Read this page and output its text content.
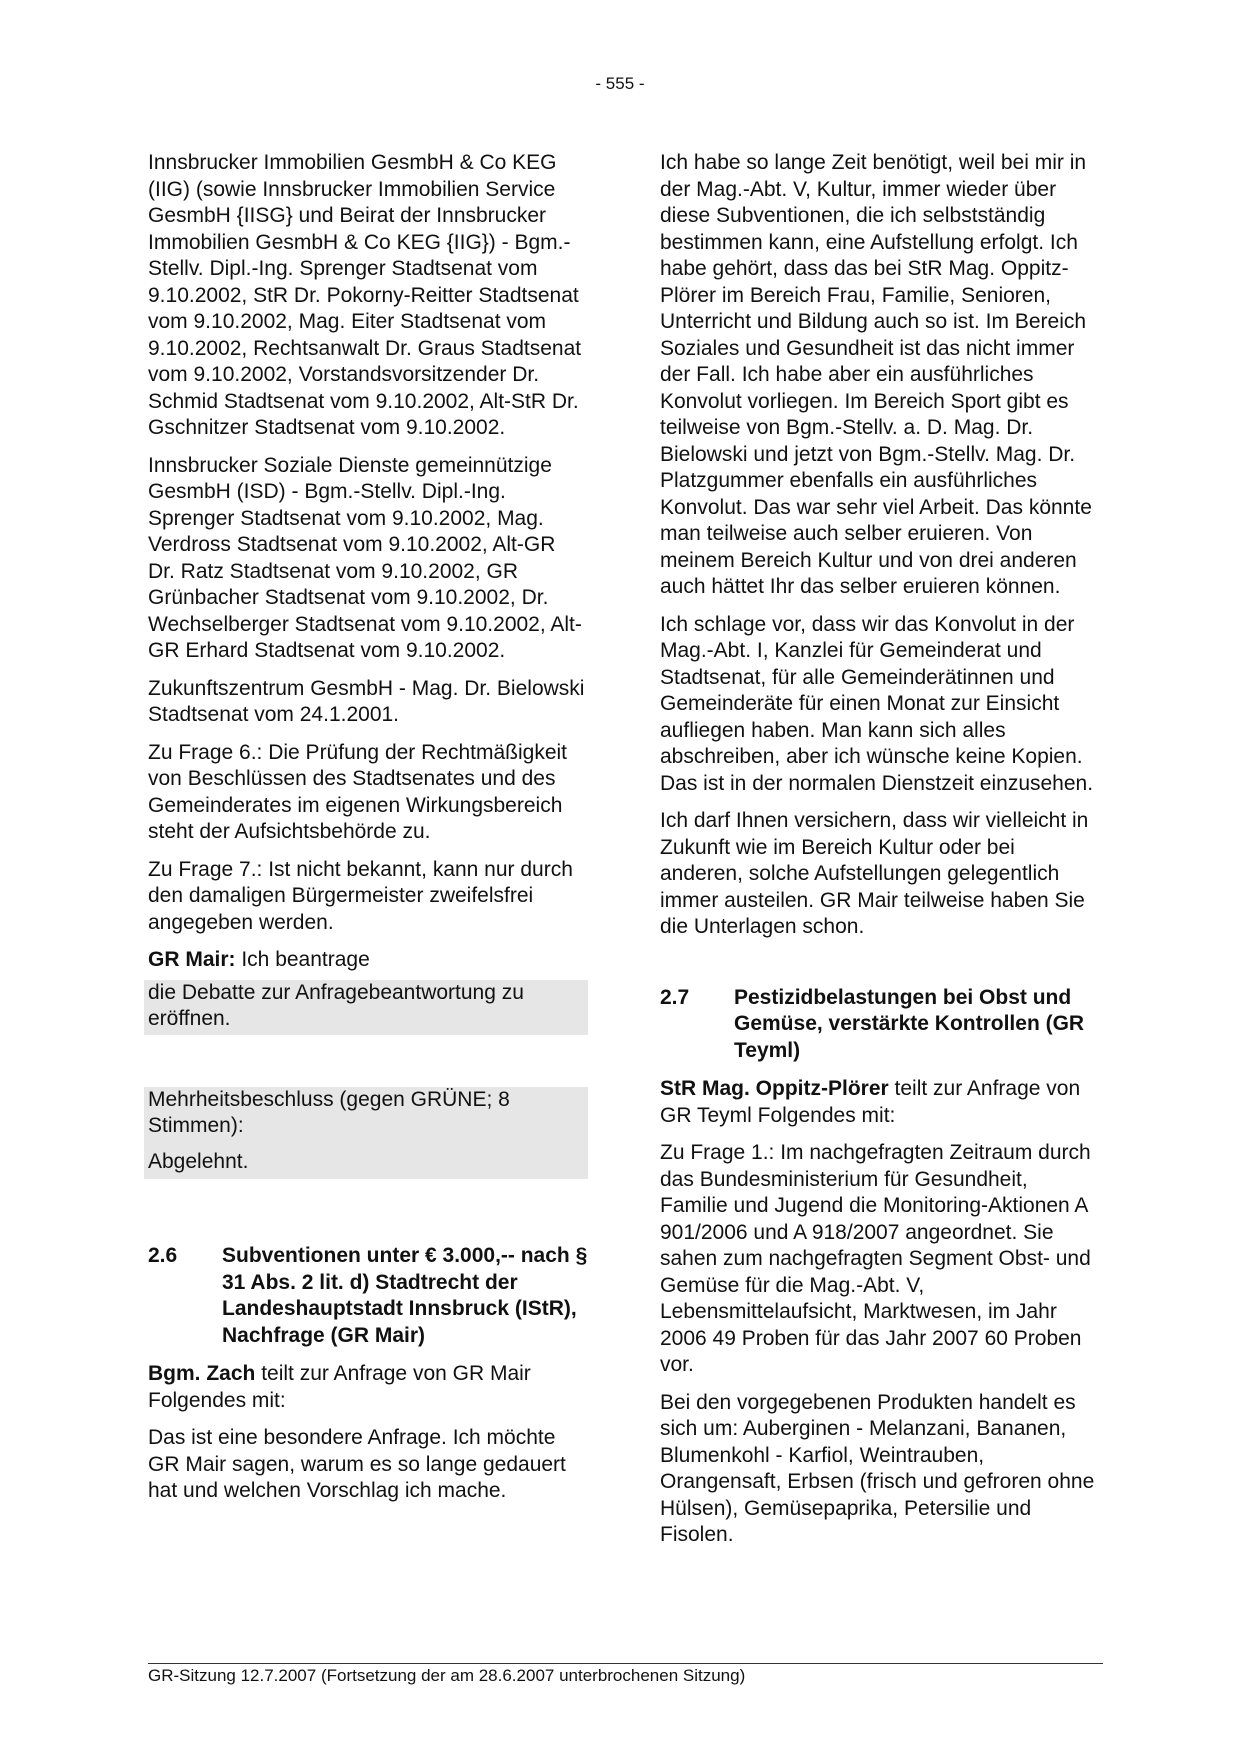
- 555 -

Innsbrucker Immobilien GesmbH & Co KEG (IIG) (sowie Innsbrucker Immobilien Service GesmbH {IISG} und Beirat der Innsbrucker Immobilien GesmbH & Co KEG {IIG}) - Bgm.-Stellv. Dipl.-Ing. Sprenger Stadtsenat vom 9.10.2002, StR Dr. Pokorny-Reitter Stadtsenat vom 9.10.2002, Mag. Eiter Stadtsenat vom 9.10.2002, Rechtsanwalt Dr. Graus Stadtsenat vom 9.10.2002, Vorstandsvorsitzender Dr. Schmid Stadtsenat vom 9.10.2002, Alt-StR Dr. Gschnitzer Stadtsenat vom 9.10.2002.

Innsbrucker Soziale Dienste gemeinnützige GesmbH (ISD) - Bgm.-Stellv. Dipl.-Ing. Sprenger Stadtsenat vom 9.10.2002, Mag. Verdross Stadtsenat vom 9.10.2002, Alt-GR Dr. Ratz Stadtsenat vom 9.10.2002, GR Grünbacher Stadtsenat vom 9.10.2002, Dr. Wechselberger Stadtsenat vom 9.10.2002, Alt-GR Erhard Stadtsenat vom 9.10.2002.

Zukunftszentrum GesmbH - Mag. Dr. Bielowski Stadtsenat vom 24.1.2001.

Zu Frage 6.: Die Prüfung der Rechtmäßigkeit von Beschlüssen des Stadtsenates und des Gemeinderates im eigenen Wirkungsbereich steht der Aufsichtsbehörde zu.

Zu Frage 7.: Ist nicht bekannt, kann nur durch den damaligen Bürgermeister zweifelsfrei angegeben werden.

GR Mair: Ich beantrage

die Debatte zur Anfragebeantwortung zu eröffnen.

Mehrheitsbeschluss (gegen GRÜNE; 8 Stimmen):

Abgelehnt.

2.6	Subventionen unter € 3.000,-- nach § 31 Abs. 2 lit. d) Stadtrecht der Landeshauptstadt Innsbruck (IStR), Nachfrage (GR Mair)

Bgm. Zach teilt zur Anfrage von GR Mair Folgendes mit:

Das ist eine besondere Anfrage. Ich möchte GR Mair sagen, warum es so lange gedauert hat und welchen Vorschlag ich mache.

Ich habe so lange Zeit benötigt, weil bei mir in der Mag.-Abt. V, Kultur, immer wieder über diese Subventionen, die ich selbstständig bestimmen kann, eine Aufstellung erfolgt. Ich habe gehört, dass das bei StR Mag. Oppitz-Plörer im Bereich Frau, Familie, Senioren, Unterricht und Bildung auch so ist. Im Bereich Soziales und Gesundheit ist das nicht immer der Fall. Ich habe aber ein ausführliches Konvolut vorliegen. Im Bereich Sport gibt es teilweise von Bgm.-Stellv. a. D. Mag. Dr. Bielowski und jetzt von Bgm.-Stellv. Mag. Dr. Platzgummer ebenfalls ein ausführliches Konvolut. Das war sehr viel Arbeit. Das könnte man teilweise auch selber eruieren. Von meinem Bereich Kultur und von drei anderen auch hättet Ihr das selber eruieren können.

Ich schlage vor, dass wir das Konvolut in der Mag.-Abt. I, Kanzlei für Gemeinderat und Stadtsenat, für alle Gemeinderätinnen und Gemeinderäte für einen Monat zur Einsicht aufliegen haben. Man kann sich alles abschreiben, aber ich wünsche keine Kopien. Das ist in der normalen Dienstzeit einzusehen.

Ich darf Ihnen versichern, dass wir vielleicht in Zukunft wie im Bereich Kultur oder bei anderen, solche Aufstellungen gelegentlich immer austeilen. GR Mair teilweise haben Sie die Unterlagen schon.

2.7	Pestizidbelastungen bei Obst und Gemüse, verstärkte Kontrollen (GR Teyml)

StR Mag. Oppitz-Plörer teilt zur Anfrage von GR Teyml Folgendes mit:

Zu Frage 1.: Im nachgefragten Zeitraum durch das Bundesministerium für Gesundheit, Familie und Jugend die Monitoring-Aktionen A 901/2006 und A 918/2007 angeordnet. Sie sahen zum nachgefragten Segment Obst- und Gemüse für die Mag.-Abt. V, Lebensmittelaufsicht, Marktwesen, im Jahr 2006 49 Proben für das Jahr 2007 60 Proben vor.

Bei den vorgegebenen Produkten handelt es sich um: Auberginen - Melanzani, Bananen, Blumenkohl - Karfiol, Weintrauben, Orangensaft, Erbsen (frisch und gefroren ohne Hülsen), Gemüsepaprika, Petersilie und Fisolen.

GR-Sitzung 12.7.2007 (Fortsetzung der am 28.6.2007 unterbrochenen Sitzung)
